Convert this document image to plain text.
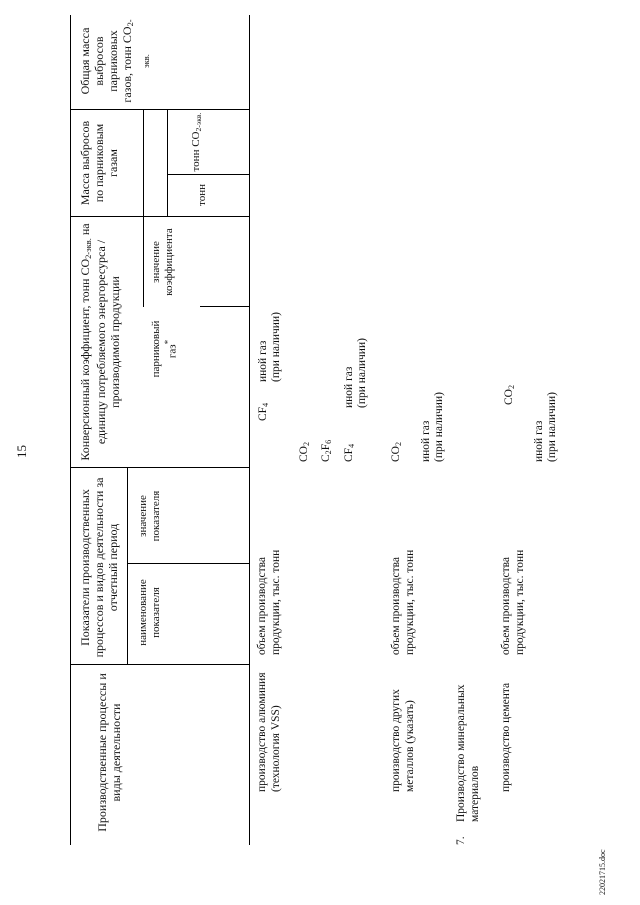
15
Производственные процессы и виды деятельности
Показатели производственных процессов и видов деятельности за отчетный период
наименование показателя
значение показателя
Конверсионный коэффициент, тонн $CO_{2-экв.}$ на единицу потребляемого энергоресурса / производимой продукции	парниковый газ*
значение коэффициента
Масса выбросов по парниковым газам
тонн
тонн $CO_{2-экв.}$
Общая масса выбросов парниковых газов, тонн $CO_{2-экв.}$
$CF_4$
иной газ (при наличии)
$CO_2$
$C_2F_6$
$CF_4$
иной газ (при наличии)
$CO_2$ иной газ (при наличии)	$CO_2$
иной газ (при наличии)
производство алюминия (технология VSS)
объем производства продукции, тыс. тонн
производство других металлов (указать)
объем производства продукции, тыс. тонн
7.
Производство минеральных материалов
производство цемента
объем производства продукции, тыс. тонн
22021715.doc
